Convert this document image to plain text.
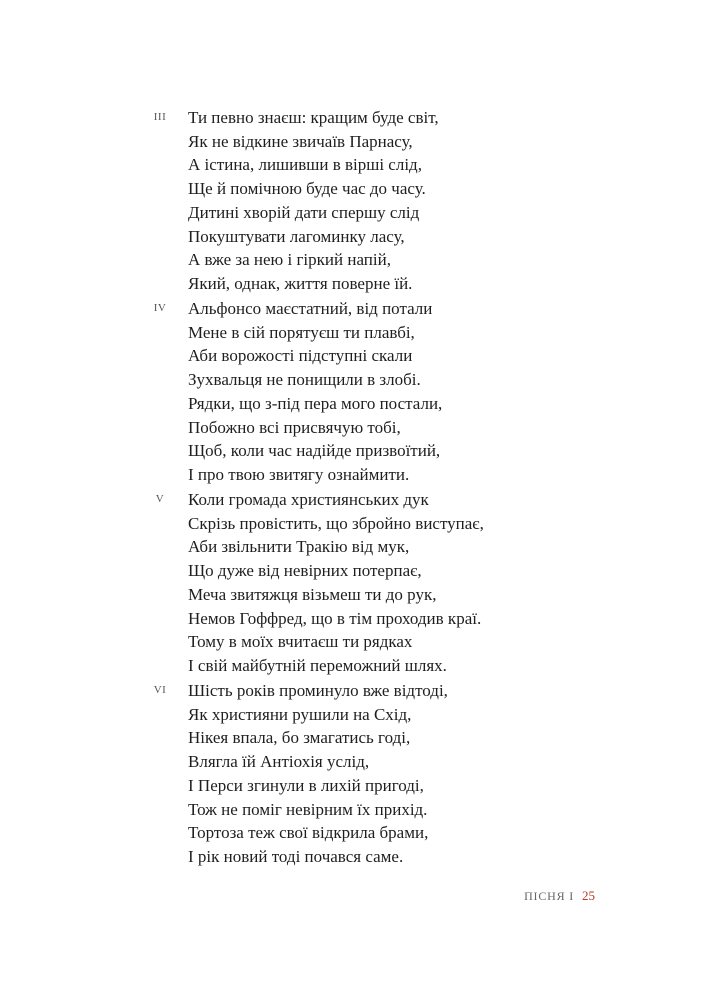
III	Ти певно знаєш: кращим буде світ,
Як не відкине звичаїв Парнасу,
А істина, лишивши в вірші слід,
Ще й помічною буде час до часу.
Дитині хворій дати спершу слід
Покуштувати лагоминку ласу,
А вже за нею і гіркий напій,
Який, однак, життя поверне їй.
IV	Альфонсо маєстатний, від потали
Мене в сій порятуєш ти плавбі,
Аби ворожості підступні скали
Зухвальця не понищили в злобі.
Рядки, що з-під пера мого постали,
Побожно всі присвячую тобі,
Щоб, коли час надійде призвоїтий,
І про твою звитягу ознаймити.
V	Коли громада християнських дук
Скрізь провістить, що збройно виступає,
Аби звільнити Тракію від мук,
Що дуже від невірних потерпає,
Меча звитяжця візьмеш ти до рук,
Немов Гоффред, що в тім проходив краї.
Тому в моїх вчитаєш ти рядках
І свій майбутній переможний шлях.
VI	Шість років проминуло вже відтоді,
Як християни рушили на Схід,
Нікея впала, бо змагатись годі,
Влягла їй Антіохія услід,
І Перси згинули в лихій пригоді,
Тож не поміг невірним їх прихід.
Тортоза теж свої відкрила брами,
І рік новий тоді почався саме.
ПІСНЯ I 25
